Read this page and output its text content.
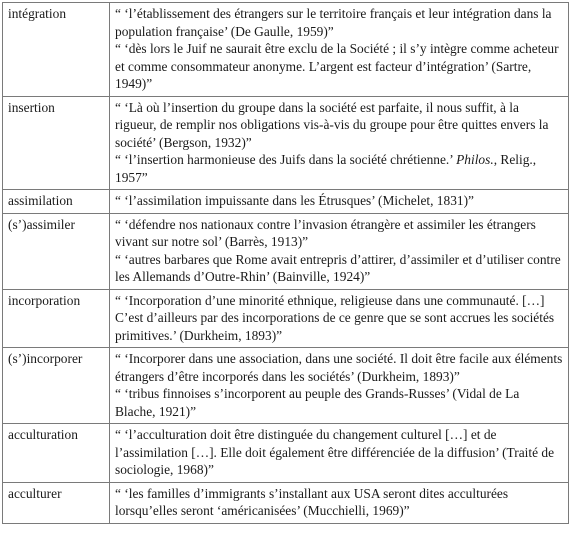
intégration	“ ‘l’établissement des étrangers sur le territoire français et leur intégration dans la population française’ (De Gaulle, 1959)”
“ ‘dès lors le Juif ne saurait être exclu de la Société ; il s’y intègre comme acheteur et comme consommateur anonyme. L’argent est facteur d’intégration’ (Sartre, 1949)”

insertion	“ ‘Là où l’insertion du groupe dans la société est parfaite, il nous suffit, à la rigueur, de remplir nos obligations vis-à-vis du groupe pour être quittes envers la société’ (Bergson, 1932)”
“ ‘l’insertion harmonieuse des Juifs dans la société chrétienne.’ Philos., Relig., 1957”

assimilation	“ ‘l’assimilation impuissante dans les Étrusques’ (Michelet, 1831)”

(s’)assimiler	“ ‘défendre nos nationaux contre l’invasion étrangère et assimiler les étrangers vivant sur notre sol’ (Barrès, 1913)”
“ ‘autres barbares que Rome avait entrepris d’attirer, d’assimiler et d’utiliser contre les Allemands d’Outre-Rhin’ (Bainville, 1924)”

incorporation	“ ‘Incorporation d’une minorité ethnique, religieuse dans une communauté. […] C’est d’ailleurs par des incorporations de ce genre que se sont accrues les sociétés primitives.’ (Durkheim, 1893)”

(s’)incorporer	“ ‘Incorporer dans une association, dans une société. Il doit être facile aux éléments étrangers d’être incorporés dans les sociétés’ (Durkheim, 1893)”
“ ‘tribus finnoises s’incorporent au peuple des Grands-Russes’ (Vidal de La Blache, 1921)”

acculturation	“ ‘l’acculturation doit être distinguée du changement culturel […] et de l’assimilation […]. Elle doit également être différenciée de la diffusion’ (Traité de sociologie, 1968)”

acculturer	“ ‘les familles d’immigrants s’installant aux USA seront dites acculturées lorsqu’elles seront ‘américanisées’ (Mucchielli, 1969)”
